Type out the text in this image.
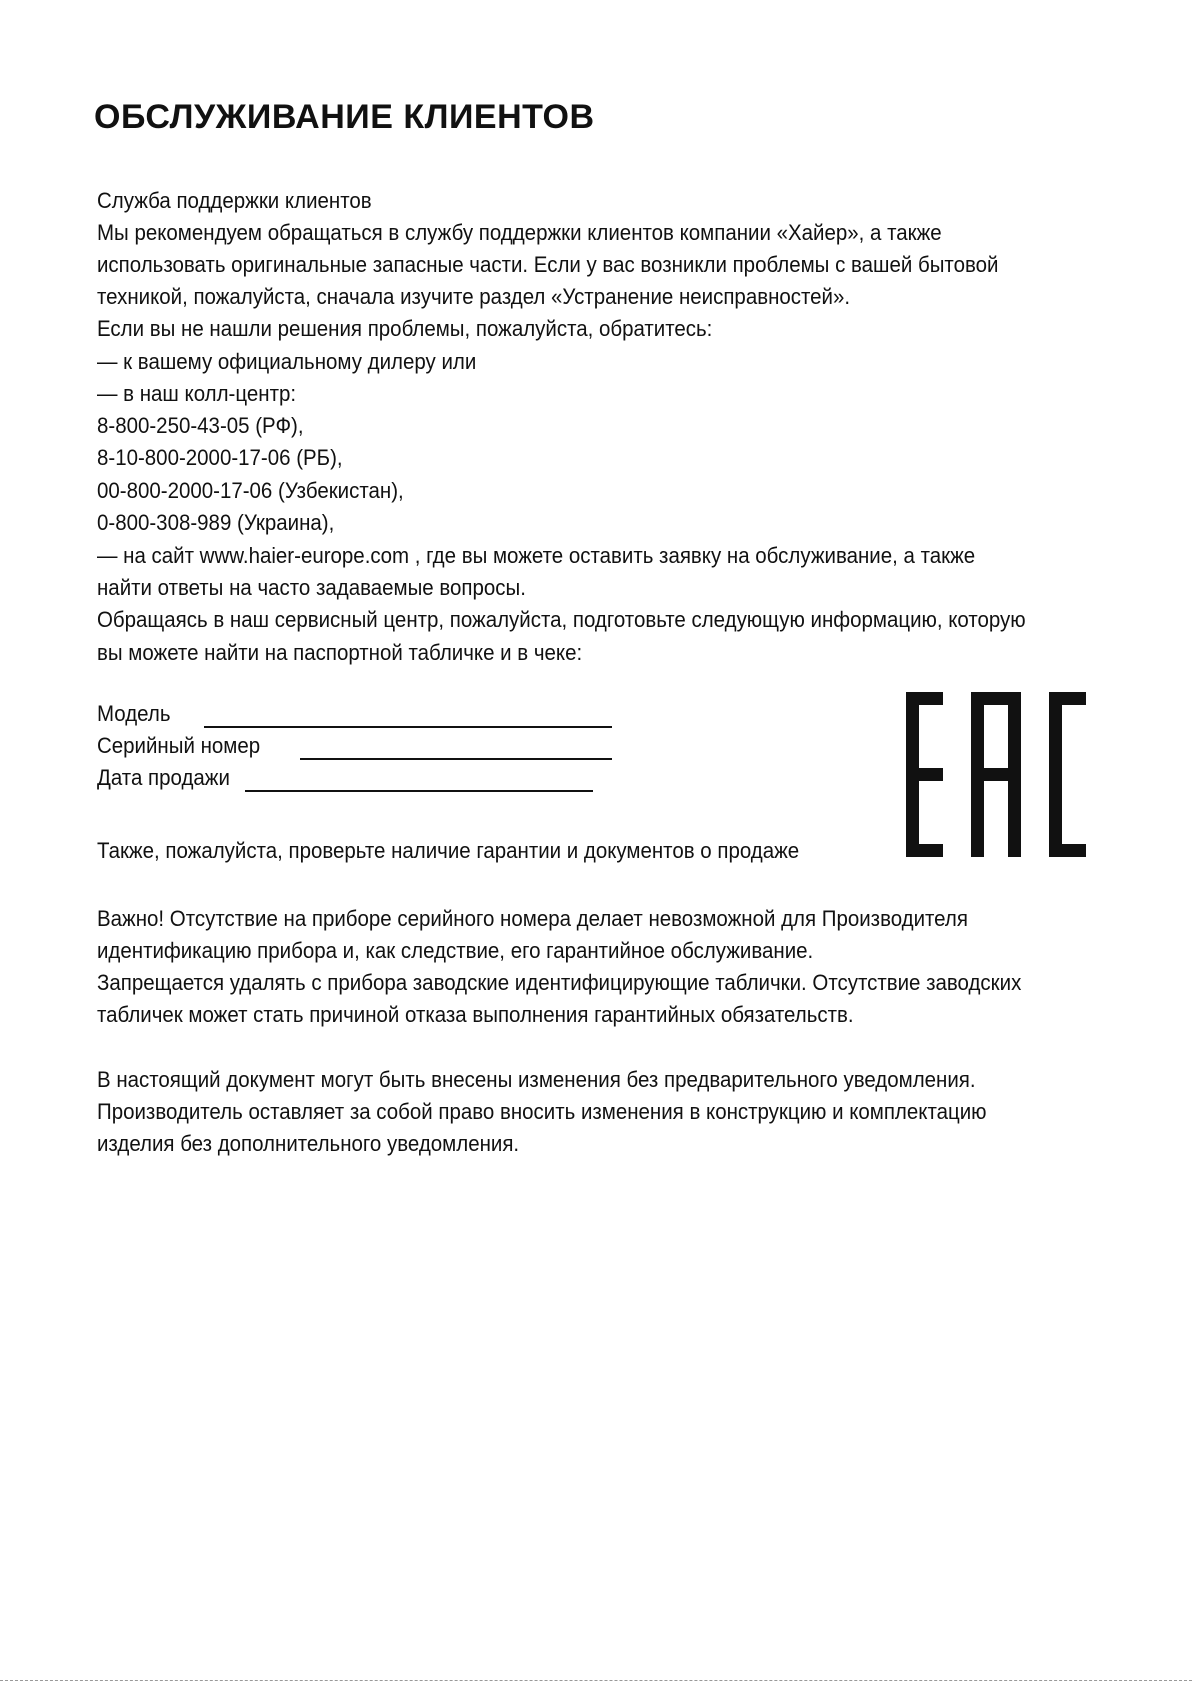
ОБСЛУЖИВАНИЕ КЛИЕНТОВ
Служба поддержки клиентов
Мы рекомендуем обращаться в службу поддержки клиентов компании «Хайер», а также
использовать оригинальные запасные части. Если у вас возникли проблемы с вашей бытовой
техникой, пожалуйста, сначала изучите раздел «Устранение неисправностей».
Если вы не нашли решения проблемы, пожалуйста, обратитесь:
— к вашему официальному дилеру или
— в наш колл-центр:
8-800-250-43-05 (РФ),
8-10-800-2000-17-06 (РБ),
00-800-2000-17-06 (Узбекистан),
0-800-308-989 (Украина),
— на сайт www.haier-europe.com , где вы можете оставить заявку на обслуживание, а также
найти ответы на часто задаваемые вопросы.
Обращаясь в наш сервисный центр, пожалуйста, подготовьте следующую информацию, которую
вы можете найти на паспортной табличке и в чеке:
Модель
Серийный номер
Дата продажи
Также, пожалуйста, проверьте наличие гарантии и документов о продаже
Важно! Отсутствие на приборе серийного номера делает невозможной для Производителя
идентификацию прибора и, как следствие, его гарантийное обслуживание.
Запрещается удалять с прибора заводские идентифицирующие таблички. Отсутствие заводских
табличек может стать причиной отказа выполнения гарантийных обязательств.
В настоящий документ могут быть внесены изменения без предварительного уведомления.
Производитель оставляет за собой право вносить изменения в конструкцию и комплектацию
изделия без дополнительного уведомления.
